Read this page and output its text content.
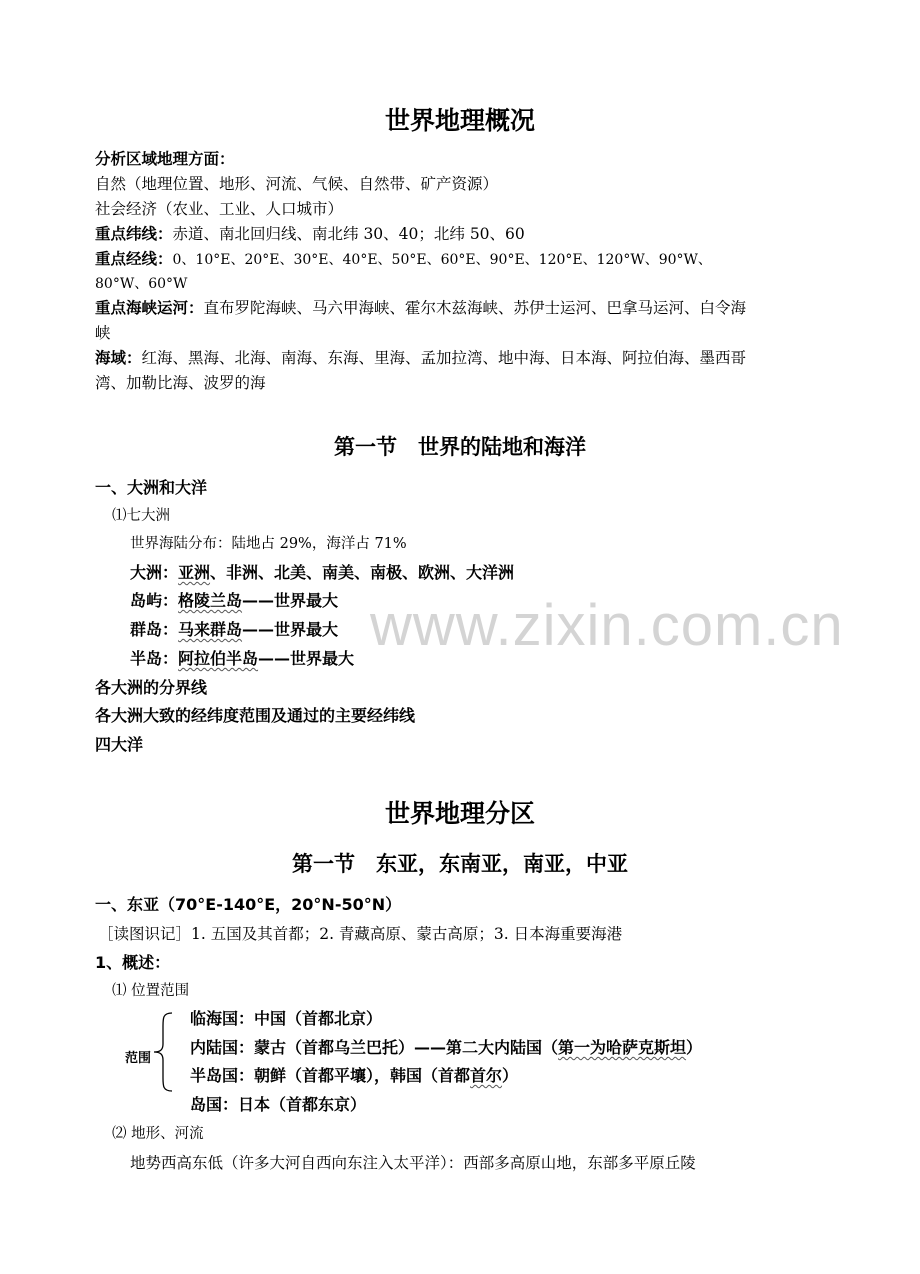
www.zixin.com.cn
世界地理概况
分析区域地理方面：
自然（地理位置、地形、河流、气候、自然带、矿产资源）
社会经济（农业、工业、人口城市）
重点纬线：赤道、南北回归线、南北纬 30、40；北纬 50、60
重点经线：0、10°E、20°E、30°E、40°E、50°E、60°E、90°E、120°E、120°W、90°W、
80°W、60°W
重点海峡运河：直布罗陀海峡、马六甲海峡、霍尔木兹海峡、苏伊士运河、巴拿马运河、白令海
峡
海域：红海、黑海、北海、南海、东海、里海、孟加拉湾、地中海、日本海、阿拉伯海、墨西哥
湾、加勒比海、波罗的海
第一节　世界的陆地和海洋
一、大洲和大洋
⑴七大洲
世界海陆分布：陆地占 29%，海洋占 71%
大洲：亚洲、非洲、北美、南美、南极、欧洲、大洋洲
岛屿：格陵兰岛——世界最大
群岛：马来群岛——世界最大
半岛：阿拉伯半岛——世界最大
各大洲的分界线
各大洲大致的经纬度范围及通过的主要经纬线
四大洋
世界地理分区
第一节　东亚，东南亚，南亚，中亚
一、东亚（70°E-140°E，20°N-50°N）
［读图识记］1. 五国及其首都；2. 青藏高原、蒙古高原；3. 日本海重要海港
1、概述：
⑴ 位置范围
范围
临海国：中国（首都北京）
内陆国：蒙古（首都乌兰巴托）——第二大内陆国（第一为哈萨克斯坦）
半岛国：朝鲜（首都平壤），韩国（首都首尔）
岛国：日本（首都东京）
⑵ 地形、河流
地势西高东低（许多大河自西向东注入太平洋）：西部多高原山地，东部多平原丘陵
